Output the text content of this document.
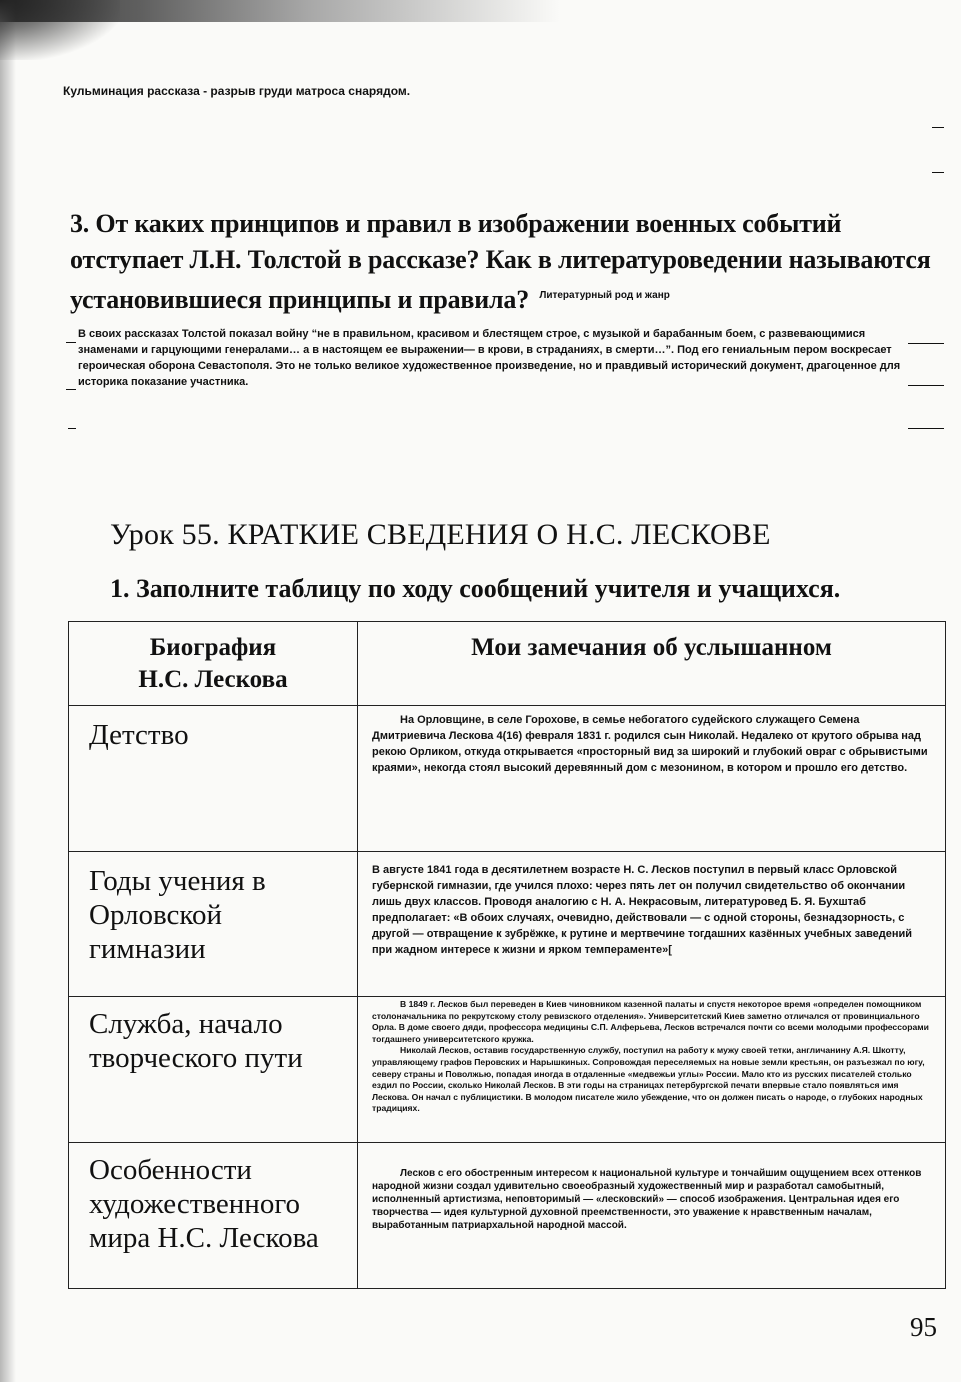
Кульминация рассказа - разрыв груди матроса снарядом.
3. От каких принципов и правил в изображении военных событий отступает Л.Н. Толстой в рассказе? Как в литературоведении называются установившиеся принципы и правила? $^{Литературный род и жанр}$
В своих рассказах Толстой показал войну “не в правильном, красивом и блестящем строе, с музыкой и барабанным боем, с развевающимися знаменами и гарцующими генералами… а в настоящем ее выражении— в крови, в страданиях, в смерти…”. Под его гениальным пером воскресает героическая оборона Севастополя. Это не только великое художественное произведение, но и правдивый исторический документ, драгоценное для историка показание участника.
Урок 55. КРАТКИЕ СВЕДЕНИЯ О Н.С. ЛЕСКОВЕ
1. Заполните таблицу по ходу сообщений учителя и учащихся.
Биография Н.С. Лескова	Мои замечания об услышанном

Детство	На Орловщине, в селе Горохове, в семье небогатого судейского служащего Семена Дмитриевича Лескова 4(16) февраля 1831 г. родился сын Николай. Недалеко от крутого обрыва над рекою Орликом, откуда открывается «просторный вид за широкий и глубокий овраг с обрывистыми краями», некогда стоял высокий деревянный дом с мезонином, в котором и прошло его детство.

Годы учения в Орловской гимназии	В августе 1841 года в десятилетнем возрасте Н. С. Лесков поступил в первый класс Орловской губернской гимназии, где учился плохо: через пять лет он получил свидетельство об окончании лишь двух классов. Проводя аналогию с Н. А. Некрасовым, литературовед Б. Я. Бухштаб предполагает: «В обоих случаях, очевидно, действовали — с одной стороны, безнадзорность, с другой — отвращение к зубрёжке, к рутине и мертвечине тогдашних казённых учебных заведений при жадном интересе к жизни и ярком темпераменте»[

Служба, начало творческого пути	В 1849 г. Лесков был переведен в Киев чиновником казенной палаты и спустя некоторое время «определен помощником столоначальника по рекрутскому столу ревизского отделения». Университетский Киев заметно отличался от провинциального Орла. В доме своего дяди, профессора медицины С.П. Алферьева, Лесков встречался почти со всеми молодыми профессорами тогдашнего университетского кружка.
Николай Лесков, оставив государственную службу, поступил на работу к мужу своей тетки, англичанину А.Я. Шкотту, управляющему графов Перовских и Нарышкиных. Сопровождая переселяемых на новые земли крестьян, он разъезжал по югу, северу страны и Поволжью, попадая иногда в отдаленные «медвежьи углы» России. Мало кто из русских писателей столько ездил по России, сколько Николай Лесков. В эти годы на страницах петербургской печати впервые стало появляться имя Лескова. Он начал с публицистики. В молодом писателе жило убеждение, что он должен писать о народе, о глубоких народных традициях.

Особенности художественного мира Н.С. Лескова	Лесков с его обостренным интересом к национальной культуре и тончайшим ощущением всех оттенков народной жизни создал удивительно своеобразный художественный мир и разработал самобытный, исполненный артистизма, неповторимый — «лесковский» — способ изображения. Центральная идея его творчества — идея культурной духовной преемственности, это уважение к нравственным началам, выработанным патриархальной народной массой.
95
